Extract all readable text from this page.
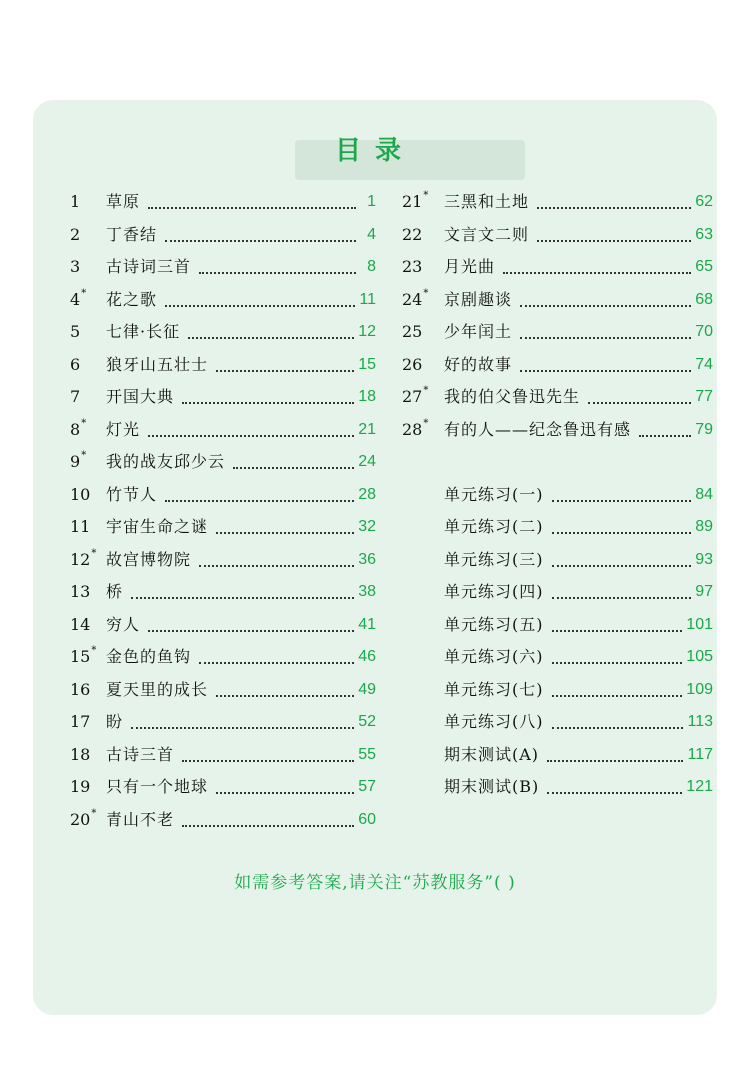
目录
1 草原	1
2 丁香结	4
3 古诗词三首	8
4* 花之歌	11
5 七律·长征	12
6 狼牙山五壮士	15
7 开国大典	18
8* 灯光	21
9* 我的战友邱少云	24
10 竹节人	28
11 宇宙生命之谜	32
12* 故宫博物院	36
13 桥	38
14 穷人	41
15* 金色的鱼钩	46
16 夏天里的成长	49
17 盼	52
18 古诗三首	55
19 只有一个地球	57
20* 青山不老	60
21* 三黑和土地	62
22 文言文二则	63
23 月光曲	65
24* 京剧趣谈	68
25 少年闰土	70
26 好的故事	74
27* 我的伯父鲁迅先生	77
28* 有的人——纪念鲁迅有感	79
单元练习(一)	84
单元练习(二)	89
单元练习(三)	93
单元练习(四)	97
单元练习(五)	101
单元练习(六)	105
单元练习(七)	109
单元练习(八)	113
期末测试(A)	117
期末测试(B)	121
如需参考答案,请关注“苏教服务”( )
